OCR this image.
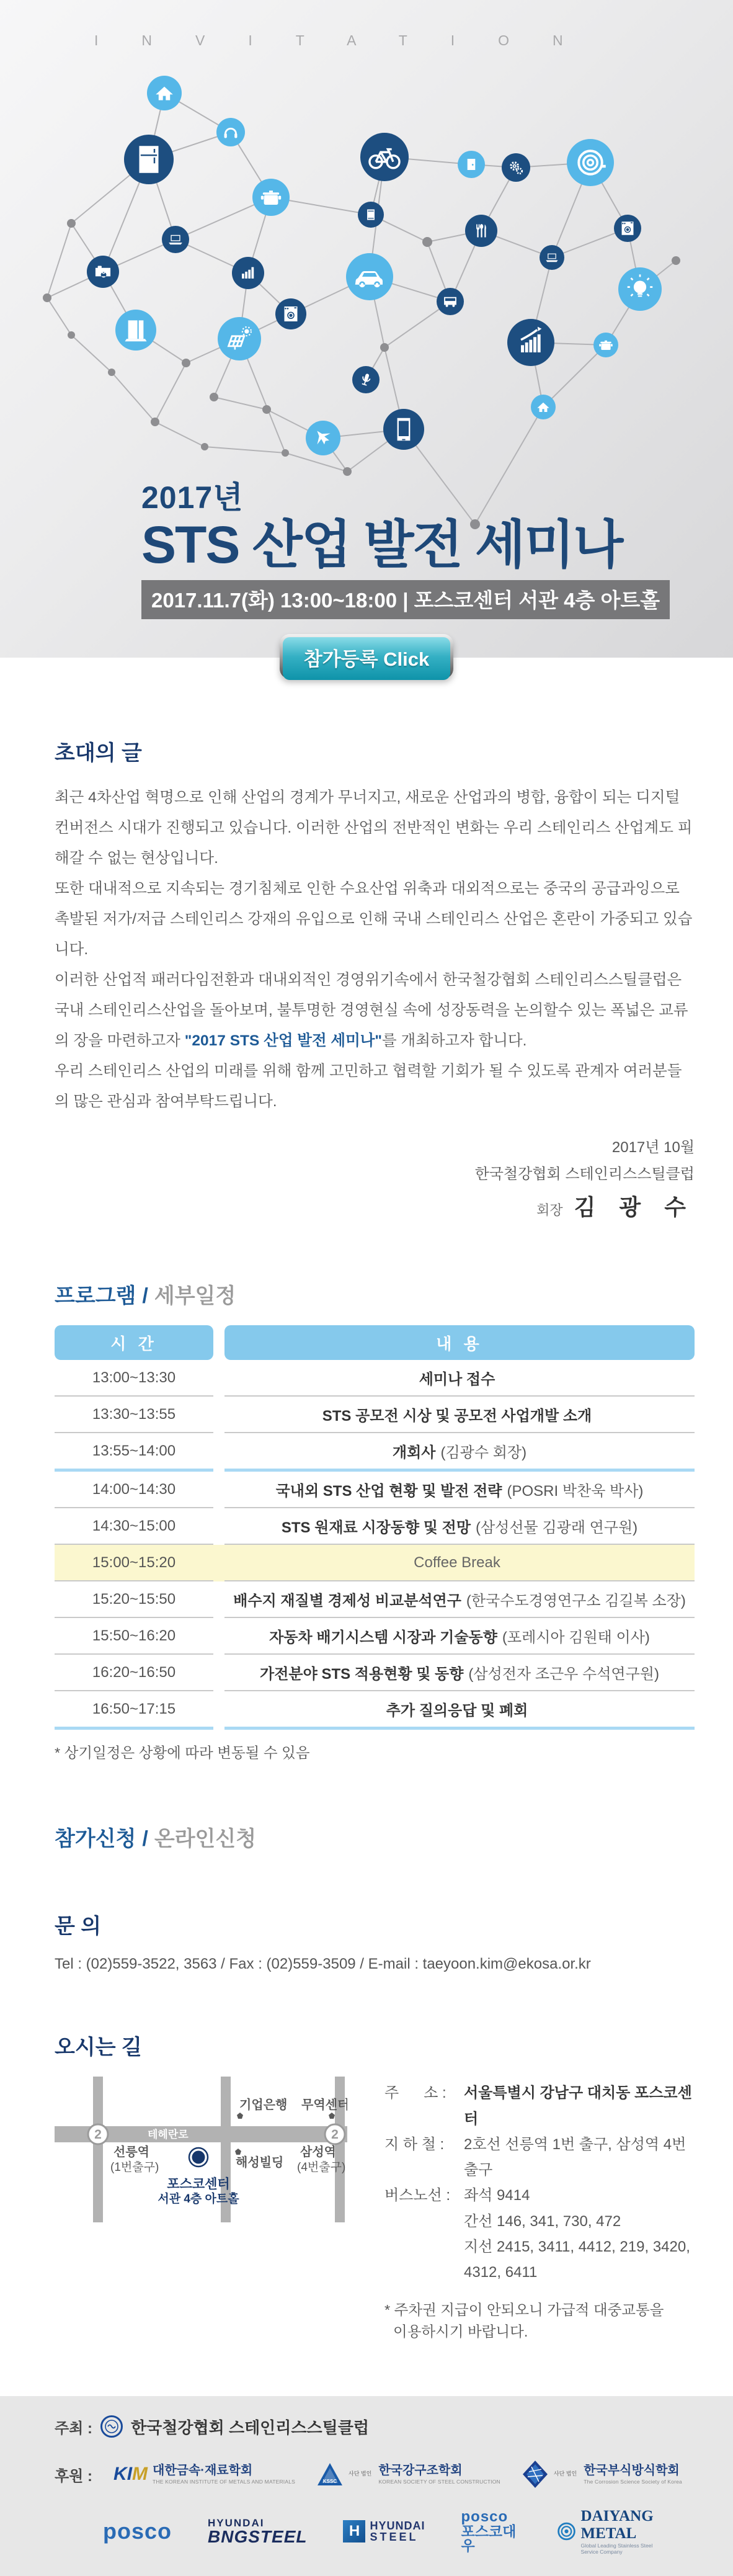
INVITATION
2017년
STS 산업 발전 세미나
2017.11.7(화) 13:00~18:00 | 포스코센터 서관 4층 아트홀
참가등록 Click
초대의 글

최근 4차산업 혁명으로 인해 산업의 경계가 무너지고, 새로운 산업과의 병합, 융합이 되는 디지털 컨버전스 시대가 진행되고 있습니다. 이러한 산업의 전반적인 변화는 우리 스테인리스 산업계도 피해갈 수 없는 현상입니다.

또한 대내적으로 지속되는 경기침체로 인한 수요산업 위축과 대외적으로는 중국의 공급과잉으로 촉발된 저가/저급 스테인리스 강재의 유입으로 인해 국내 스테인리스 산업은 혼란이 가중되고 있습니다.

이러한 산업적 패러다임전환과 대내외적인 경영위기속에서 한국철강협회 스테인리스스틸클럽은 국내 스테인리스산업을 돌아보며, 불투명한 경영현실 속에 성장동력을 논의할수 있는 폭넓은 교류의 장을 마련하고자 "2017 STS 산업 발전 세미나"를 개최하고자 합니다.

우리 스테인리스 산업의 미래를 위해 함께 고민하고 협력할 기회가 될 수 있도록 관계자 여러분들의 많은 관심과 참여부탁드립니다.

2017년 10월
한국철강협회 스테인리스스틸클럽
회장 김 광 수
프로그램 / 세부일정
시 간	내 용
13:00~13:30	세미나 접수
13:30~13:55	STS 공모전 시상 및 공모전 사업개발 소개
13:55~14:00	개회사 (김광수 회장)
14:00~14:30	국내외 STS 산업 현황 및 발전 전략 (POSRI 박찬욱 박사)
14:30~15:00	STS 원재료 시장동향 및 전망 (삼성선물 김광래 연구원)
15:00~15:20	Coffee Break
15:20~15:50	배수지 재질별 경제성 비교분석연구 (한국수도경영연구소 김길복 소장)
15:50~16:20	자동차 배기시스템 시장과 기술동향 (포레시아 김원태 이사)
16:20~16:50	가전분야 STS 적용현황 및 동향 (삼성전자 조근우 수석연구원)
16:50~17:15	추가 질의응답 및 폐회
* 상기일정은 상황에 따라 변동될 수 있음
참가신청 / 온라인신청
문 의
Tel : (02)559-3522, 3563 / Fax : (02)559-3509 / E-mail : taeyoon.kim@ekosa.or.kr
오시는 길
테헤란로
2	2
기업은행 무역센터
선릉역
(1번출구)	해성빌딩
삼성역
(4번출구)
포스코센터
서관 4층 아트홀
주      소 : 서울특별시 강남구 대치동 포스코센터
지 하 철 :	2호선 선릉역 1번 출구, 삼성역 4번 출구
버스노선 : 좌석 9414

간선 146, 341, 730, 472

지선 2415, 3411, 4412, 219, 3420, 4312, 6411
* 주차권 지급이 안되오니 가급적 대중교통을
이용하시기 바랍니다.
주최 : 한국철강협회 스테인리스스틸클럽
후원 : KIM 대한금속·재료학회
THE KOREAN INSTITUTE OF METALS AND MATERIALS	KSSC
사단 법인 한국강구조학회
KOREAN SOCIETY OF STEEL CONSTRUCTION
사단 법인 한국부식방식학회
The Corrosion Science Society of Korea
posco	HYUNDAI
BNGSTEEL	H HYUNDAI
STEEL
posco
포스코대우
DAIYANG METAL
Global Leading Stainless Steel
Service Company
